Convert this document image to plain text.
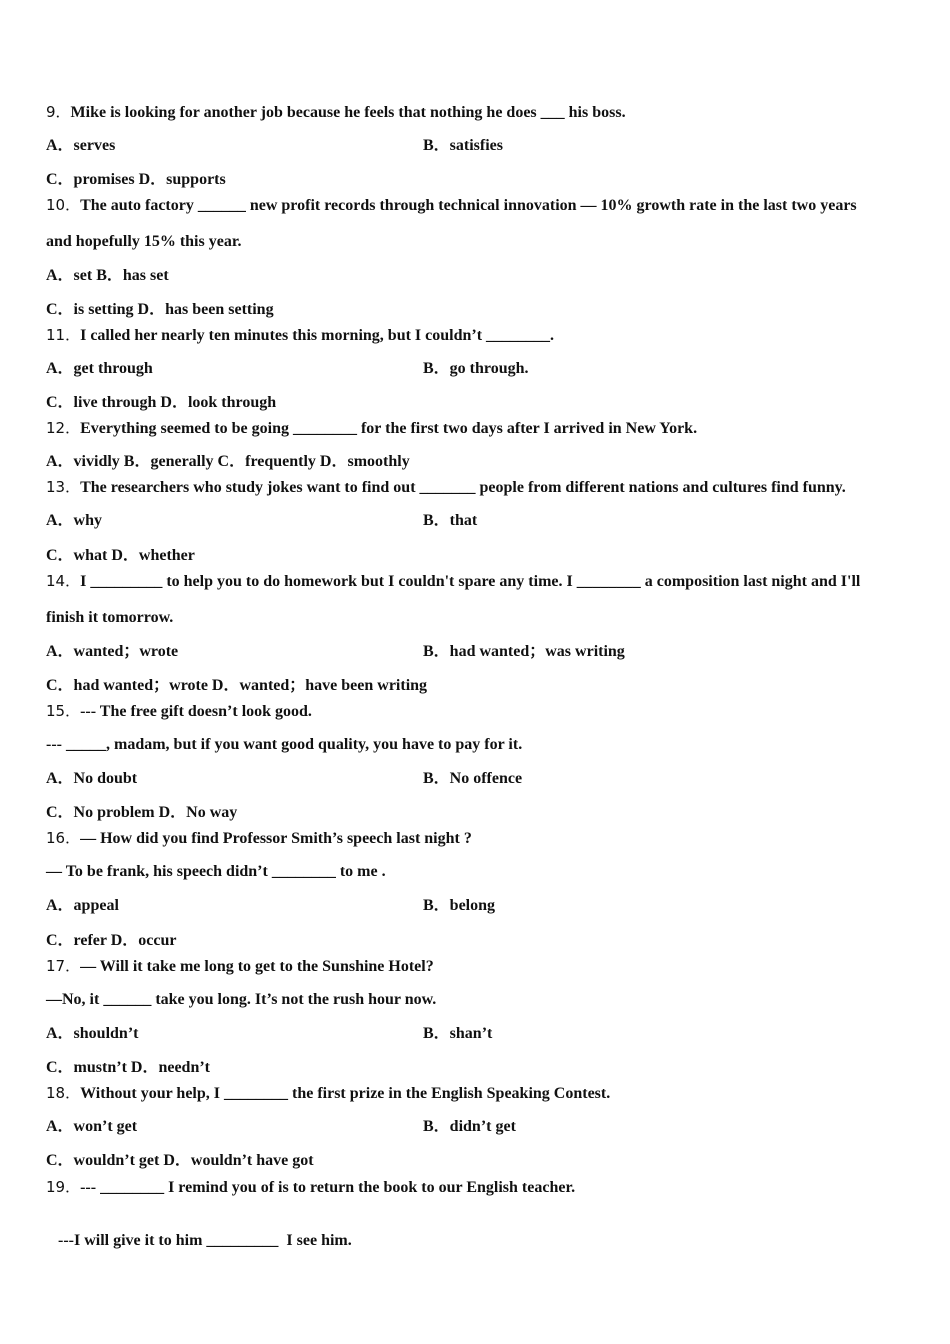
9．Mike is looking for another job because he feels that nothing he does ___ his boss.
A．serves	B．satisfies
C．promises D．supports
10．The auto factory ______ new profit records through technical innovation — 10% growth rate in the last two years
and hopefully 15% this year.
A．set B．has set
C．is setting D．has been setting
11．I called her nearly ten minutes this morning, but I couldn’t ________.
A．get through	B．go through.
C．live through D．look through
12．Everything seemed to be going ________ for the first two days after I arrived in New York.
A．vividly B．generally C．frequently D．smoothly
13．The researchers who study jokes want to find out _______ people from different nations and cultures find funny.
A．why	B．that
C．what D．whether
14．I _________ to help you to do homework but I couldn't spare any time. I ________ a composition last night and I'll
finish it tomorrow.
A．wanted；wrote	B．had wanted；was writing
C．had wanted；wrote D．wanted；have been writing
15．--- The free gift doesn’t look good.
--- _____, madam, but if you want good quality, you have to pay for it.
A．No doubt	B．No offence
C．No problem D．No way
16．— How did you find Professor Smith’s speech last night ?
— To be frank, his speech didn’t ________ to me .
A．appeal	B．belong
C．refer D．occur
17．— Will it take me long to get to the Sunshine Hotel?
—No, it ______ take you long. It’s not the rush hour now.
A．shouldn’t	B．shan’t
C．mustn’t D．needn’t
18．Without your help, I ________ the first prize in the English Speaking Contest.
A．won’t get	B．didn’t get
C．wouldn’t get D．wouldn’t have got
19．--- ________ I remind you of is to return the book to our English teacher.

---I will give it to him _________  I see him.
